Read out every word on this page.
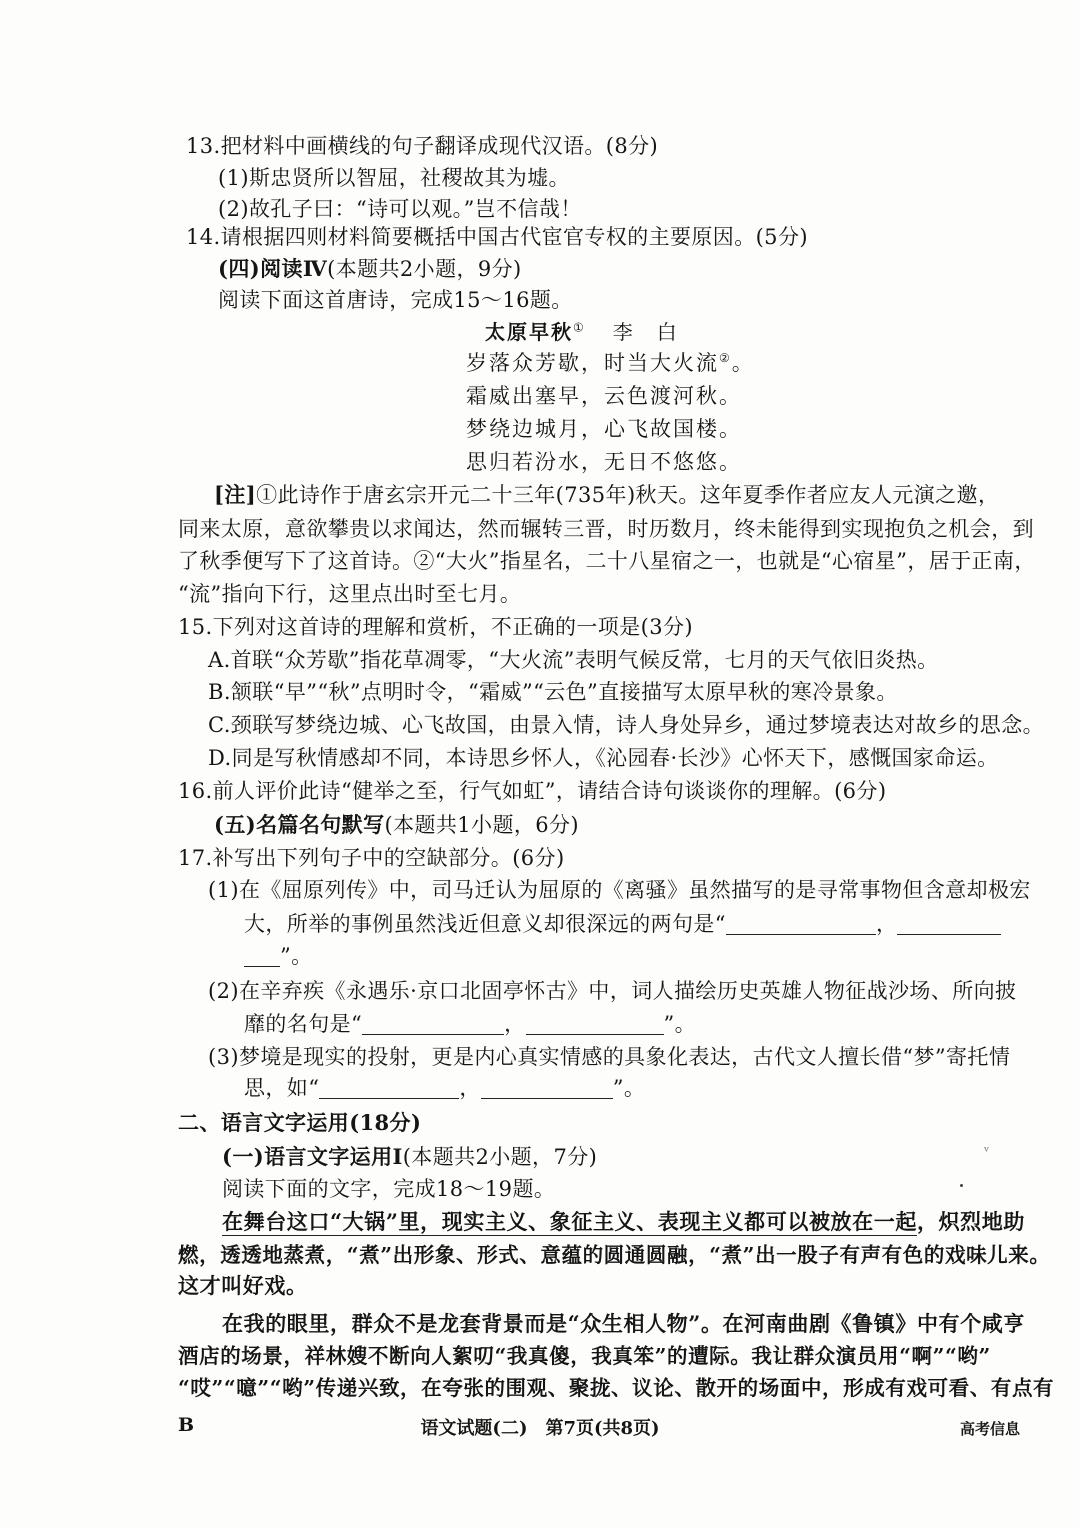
13.把材料中画横线的句子翻译成现代汉语。(8分)
(1)斯忠贤所以智屈，社稷故其为墟。
(2)故孔子曰：“诗可以观。”岂不信哉！
14.请根据四则材料简要概括中国古代宦官专权的主要原因。(5分)
(四)阅读Ⅳ(本题共2小题，9分)
阅读下面这首唐诗，完成15～16题。
太原早秋① 李　白
岁落众芳歇，时当大火流②。
霜威出塞早，云色渡河秋。
梦绕边城月，心飞故国楼。
思归若汾水，无日不悠悠。
[注]①此诗作于唐玄宗开元二十三年(735年)秋天。这年夏季作者应友人元演之邀，
同来太原，意欲攀贵以求闻达，然而辗转三晋，时历数月，终未能得到实现抱负之机会，到
了秋季便写下了这首诗。②“大火”指星名，二十八星宿之一，也就是“心宿星”，居于正南，
“流”指向下行，这里点出时至七月。
15.下列对这首诗的理解和赏析，不正确的一项是(3分)
A.首联“众芳歇”指花草凋零，“大火流”表明气候反常，七月的天气依旧炎热。
B.颔联“早”“秋”点明时令，“霜威”“云色”直接描写太原早秋的寒冷景象。
C.颈联写梦绕边城、心飞故国，由景入情，诗人身处异乡，通过梦境表达对故乡的思念。
D.同是写秋情感却不同，本诗思乡怀人，《沁园春·长沙》心怀天下，感慨国家命运。
16.前人评价此诗“健举之至，行气如虹”，请结合诗句谈谈你的理解。(6分)
(五)名篇名句默写(本题共1小题，6分)
17.补写出下列句子中的空缺部分。(6分)
(1)在《屈原列传》中，司马迁认为屈原的《离骚》虽然描写的是寻常事物但含意却极宏
大，所举的事例虽然浅近但意义却很深远的两句是“	，
”。
(2)在辛弃疾《永遇乐·京口北固亭怀古》中，词人描绘历史英雄人物征战沙场、所向披
靡的名句是“	，	”。
(3)梦境是现实的投射，更是内心真实情感的具象化表达，古代文人擅长借“梦”寄托情
思，如“	，	”。
二、语言文字运用(18分)
(一)语言文字运用Ⅰ(本题共2小题，7分)
阅读下面的文字，完成18～19题。
在舞台这口“大锅”里，现实主义、象征主义、表现主义都可以被放在一起，炽烈地助
燃，透透地蒸煮，“煮”出形象、形式、意蕴的圆通圆融，“煮”出一股子有声有色的戏味儿来。
这才叫好戏。
在我的眼里，群众不是龙套背景而是“众生相人物”。在河南曲剧《鲁镇》中有个咸亨
酒店的场景，祥林嫂不断向人絮叨“我真傻，我真笨”的遭际。我让群众演员用“啊”“哟”
“哎”“噫”“哟”传递兴致，在夸张的围观、聚拢、议论、散开的场面中，形成有戏可看、有点有
ᵛ
B	语文试题(二)　第7页(共8页)	高考信息
